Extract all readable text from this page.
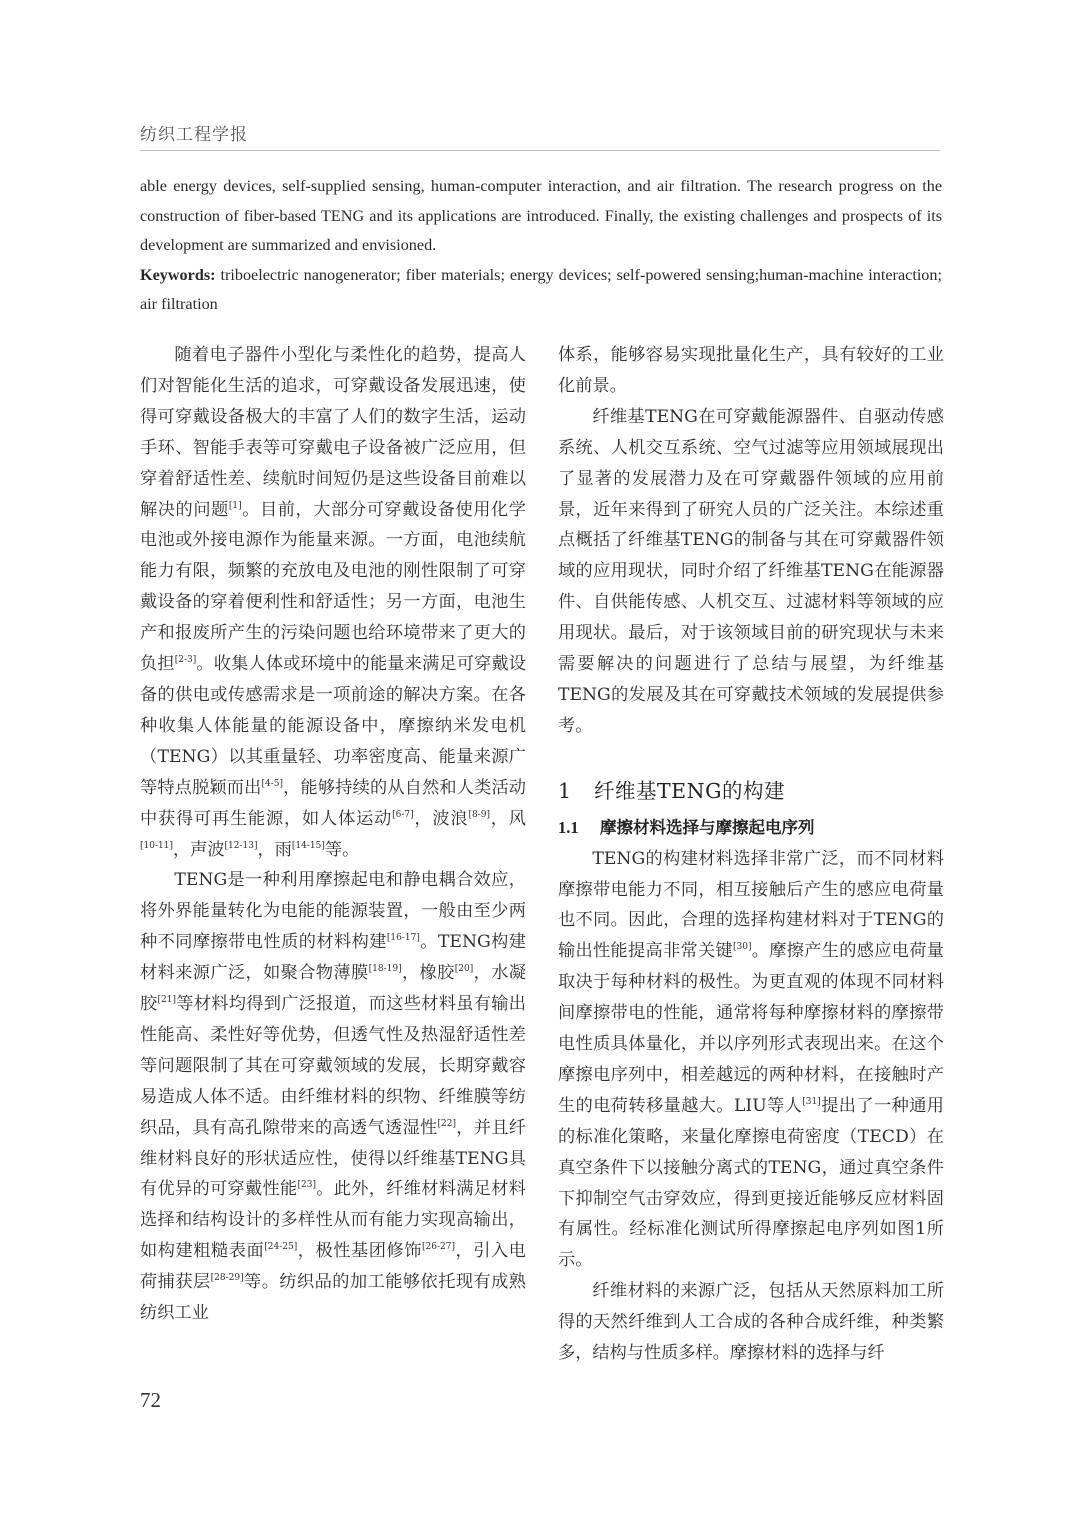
纺织工程学报

able energy devices, self-supplied sensing, human-computer interaction, and air filtration. The research progress on the construction of fiber-based TENG and its applications are introduced. Finally, the existing challenges and prospects of its development are summarized and envisioned.

Keywords: triboelectric nanogenerator; fiber materials; energy devices; self-powered sensing;human-machine interaction; air filtration

随着电子器件小型化与柔性化的趋势，提高人们对智能化生活的追求，可穿戴设备发展迅速，使得可穿戴设备极大的丰富了人们的数字生活，运动手环、智能手表等可穿戴电子设备被广泛应用，但穿着舒适性差、续航时间短仍是这些设备目前难以解决的问题[1]。目前，大部分可穿戴设备使用化学电池或外接电源作为能量来源。一方面，电池续航能力有限，频繁的充放电及电池的刚性限制了可穿戴设备的穿着便利性和舒适性；另一方面，电池生产和报废所产生的污染问题也给环境带来了更大的负担[2-3]。收集人体或环境中的能量来满足可穿戴设备的供电或传感需求是一项前途的解决方案。在各种收集人体能量的能源设备中，摩擦纳米发电机（TENG）以其重量轻、功率密度高、能量来源广等特点脱颖而出[4-5]，能够持续的从自然和人类活动中获得可再生能源，如人体运动[6-7]，波浪[8-9]，风[10-11]，声波[12-13]，雨[14-15]等。

TENG是一种利用摩擦起电和静电耦合效应，将外界能量转化为电能的能源装置，一般由至少两种不同摩擦带电性质的材料构建[16-17]。TENG构建材料来源广泛，如聚合物薄膜[18-19]，橡胶[20]，水凝胶[21]等材料均得到广泛报道，而这些材料虽有输出性能高、柔性好等优势，但透气性及热湿舒适性差等问题限制了其在可穿戴领域的发展，长期穿戴容易造成人体不适。由纤维材料的织物、纤维膜等纺织品，具有高孔隙带来的高透气透湿性[22]，并且纤维材料良好的形状适应性，使得以纤维基TENG具有优异的可穿戴性能[23]。此外，纤维材料满足材料选择和结构设计的多样性从而有能力实现高输出，如构建粗糙表面[24-25]，极性基团修饰[26-27]，引入电荷捕获层[28-29]等。纺织品的加工能够依托现有成熟纺织工业

体系，能够容易实现批量化生产，具有较好的工业化前景。

纤维基TENG在可穿戴能源器件、自驱动传感系统、人机交互系统、空气过滤等应用领域展现出了显著的发展潜力及在可穿戴器件领域的应用前景，近年来得到了研究人员的广泛关注。本综述重点概括了纤维基TENG的制备与其在可穿戴器件领域的应用现状，同时介绍了纤维基TENG在能源器件、自供能传感、人机交互、过滤材料等领域的应用现状。最后，对于该领域目前的研究现状与未来需要解决的问题进行了总结与展望，为纤维基TENG的发展及其在可穿戴技术领域的发展提供参考。

1 纤维基TENG的构建
1.1 摩擦材料选择与摩擦起电序列

TENG的构建材料选择非常广泛，而不同材料摩擦带电能力不同，相互接触后产生的感应电荷量也不同。因此，合理的选择构建材料对于TENG的输出性能提高非常关键[30]。摩擦产生的感应电荷量取决于每种材料的极性。为更直观的体现不同材料间摩擦带电的性能，通常将每种摩擦材料的摩擦带电性质具体量化，并以序列形式表现出来。在这个摩擦电序列中，相差越远的两种材料，在接触时产生的电荷转移量越大。LIU等人[31]提出了一种通用的标准化策略，来量化摩擦电荷密度（TECD）在真空条件下以接触分离式的TENG，通过真空条件下抑制空气击穿效应，得到更接近能够反应材料固有属性。经标准化测试所得摩擦起电序列如图1所示。

纤维材料的来源广泛，包括从天然原料加工所得的天然纤维到人工合成的各种合成纤维，种类繁多，结构与性质多样。摩擦材料的选择与纤

72
